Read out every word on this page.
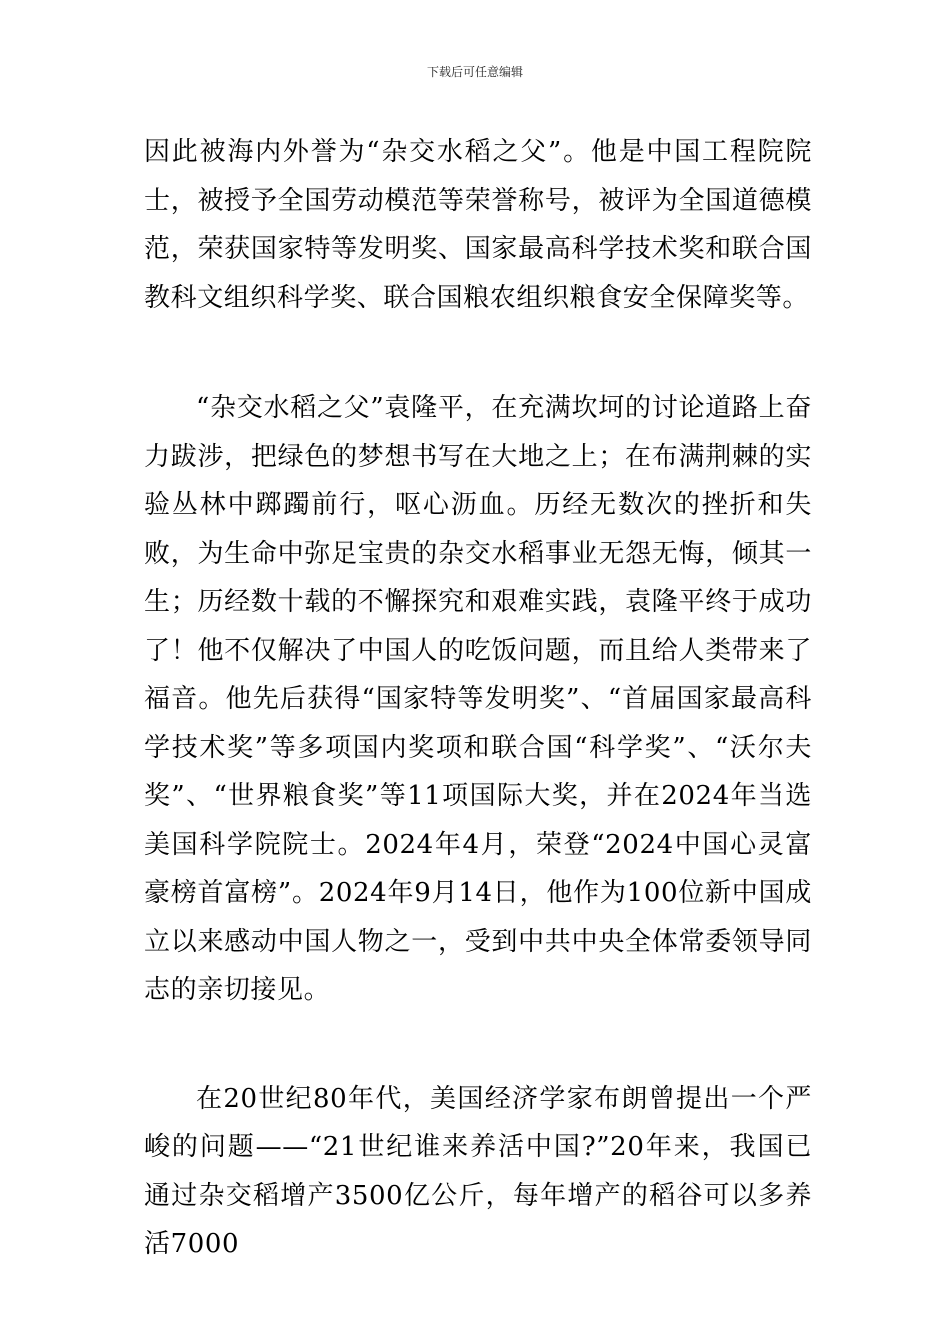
下载后可任意编辑

因此被海内外誉为“杂交水稻之父”。他是中国工程院院士，被授予全国劳动模范等荣誉称号，被评为全国道德模范，荣获国家特等发明奖、国家最高科学技术奖和联合国教科文组织科学奖、联合国粮农组织粮食安全保障奖等。

“杂交水稻之父”袁隆平，在充满坎坷的讨论道路上奋力跋涉，把绿色的梦想书写在大地之上；在布满荆棘的实验丛林中踯躅前行，呕心沥血。历经无数次的挫折和失败，为生命中弥足宝贵的杂交水稻事业无怨无悔，倾其一生；历经数十载的不懈探究和艰难实践，袁隆平终于成功了！他不仅解决了中国人的吃饭问题，而且给人类带来了福音。他先后获得“国家特等发明奖”、“首届国家最高科学技术奖”等多项国内奖项和联合国“科学奖”、“沃尔夫奖”、“世界粮食奖”等11项国际大奖，并在2024年当选美国科学院院士。2024年4月，荣登“2024中国心灵富豪榜首富榜”。2024年9月14日，他作为100位新中国成立以来感动中国人物之一，受到中共中央全体常委领导同志的亲切接见。

在20世纪80年代，美国经济学家布朗曾提出一个严峻的问题——“21世纪谁来养活中国?”20年来，我国已通过杂交稻增产3500亿公斤，每年增产的稻谷可以多养活7000
